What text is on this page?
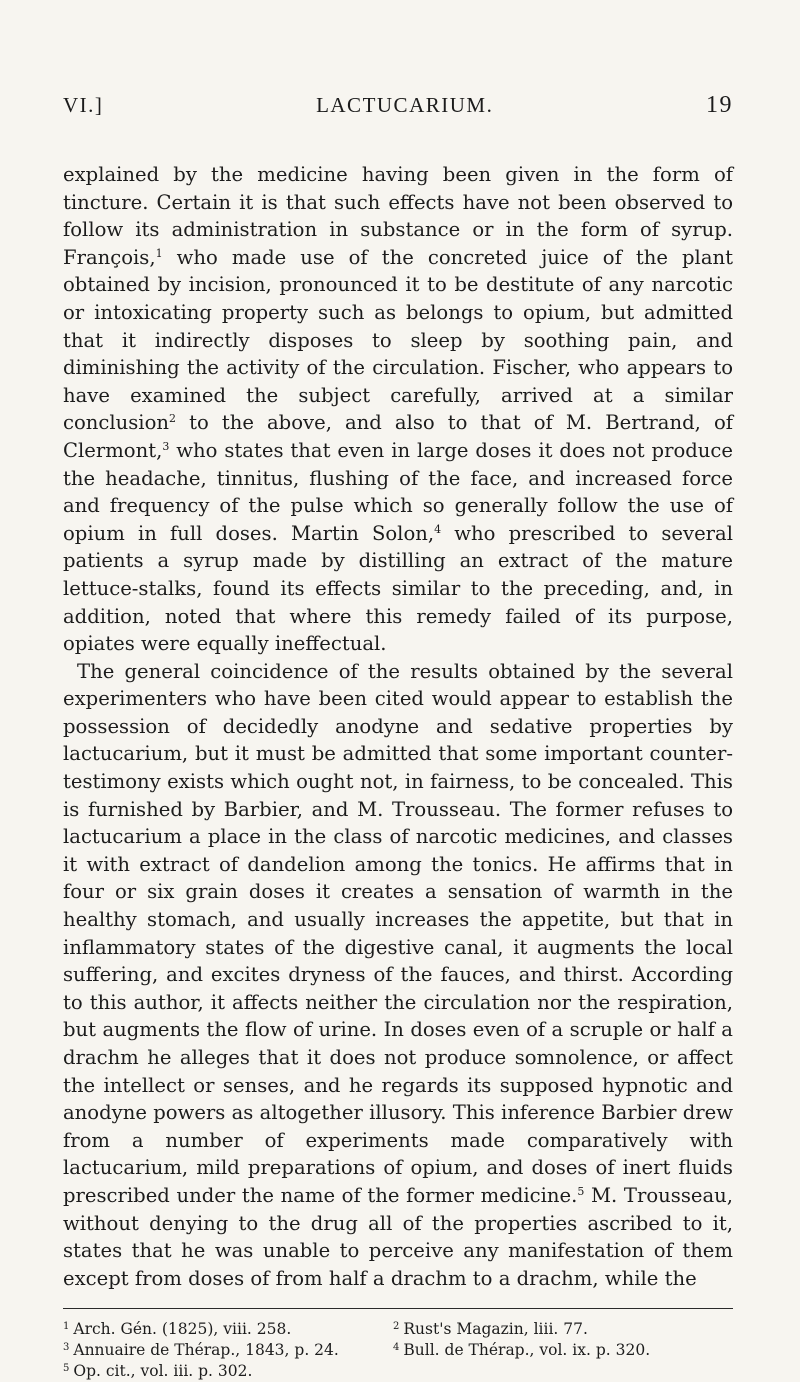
VI.]	LACTUCARIUM.	19

explained by the medicine having been given in the form of tincture. Certain it is that such effects have not been observed to follow its administration in substance or in the form of syrup. François,$^1$ who made use of the concreted juice of the plant obtained by incision, pronounced it to be destitute of any narcotic or intoxicating property such as belongs to opium, but admitted that it indirectly disposes to sleep by soothing pain, and diminishing the activity of the circulation. Fischer, who appears to have examined the subject carefully, arrived at a similar conclusion$^2$ to the above, and also to that of M. Bertrand, of Clermont,$^3$ who states that even in large doses it does not produce the headache, tinnitus, flushing of the face, and increased force and frequency of the pulse which so generally follow the use of opium in full doses. Martin Solon,$^4$ who prescribed to several patients a syrup made by distilling an extract of the mature lettuce-stalks, found its effects similar to the preceding, and, in addition, noted that where this remedy failed of its purpose, opiates were equally ineffectual.

The general coincidence of the results obtained by the several experimenters who have been cited would appear to establish the possession of decidedly anodyne and sedative properties by lactucarium, but it must be admitted that some important counter-testimony exists which ought not, in fairness, to be concealed. This is furnished by Barbier, and M. Trousseau. The former refuses to lactucarium a place in the class of narcotic medicines, and classes it with extract of dandelion among the tonics. He affirms that in four or six grain doses it creates a sensation of warmth in the healthy stomach, and usually increases the appetite, but that in inflammatory states of the digestive canal, it augments the local suffering, and excites dryness of the fauces, and thirst. According to this author, it affects neither the circulation nor the respiration, but augments the flow of urine. In doses even of a scruple or half a drachm he alleges that it does not produce somnolence, or affect the intellect or senses, and he regards its supposed hypnotic and anodyne powers as altogether illusory. This inference Barbier drew from a number of experiments made comparatively with lactucarium, mild preparations of opium, and doses of inert fluids prescribed under the name of the former medicine.$^5$ M. Trousseau, without denying to the drug all of the properties ascribed to it, states that he was unable to perceive any manifestation of them except from doses of from half a drachm to a drachm, while the

$^1$ Arch. Gén. (1825), viii. 258.	$^2$ Rust's Magazin, liii. 77.
$^3$ Annuaire de Thérap., 1843, p. 24.	$^4$ Bull. de Thérap., vol. ix. p. 320.
$^5$ Op. cit., vol. iii. p. 302.
